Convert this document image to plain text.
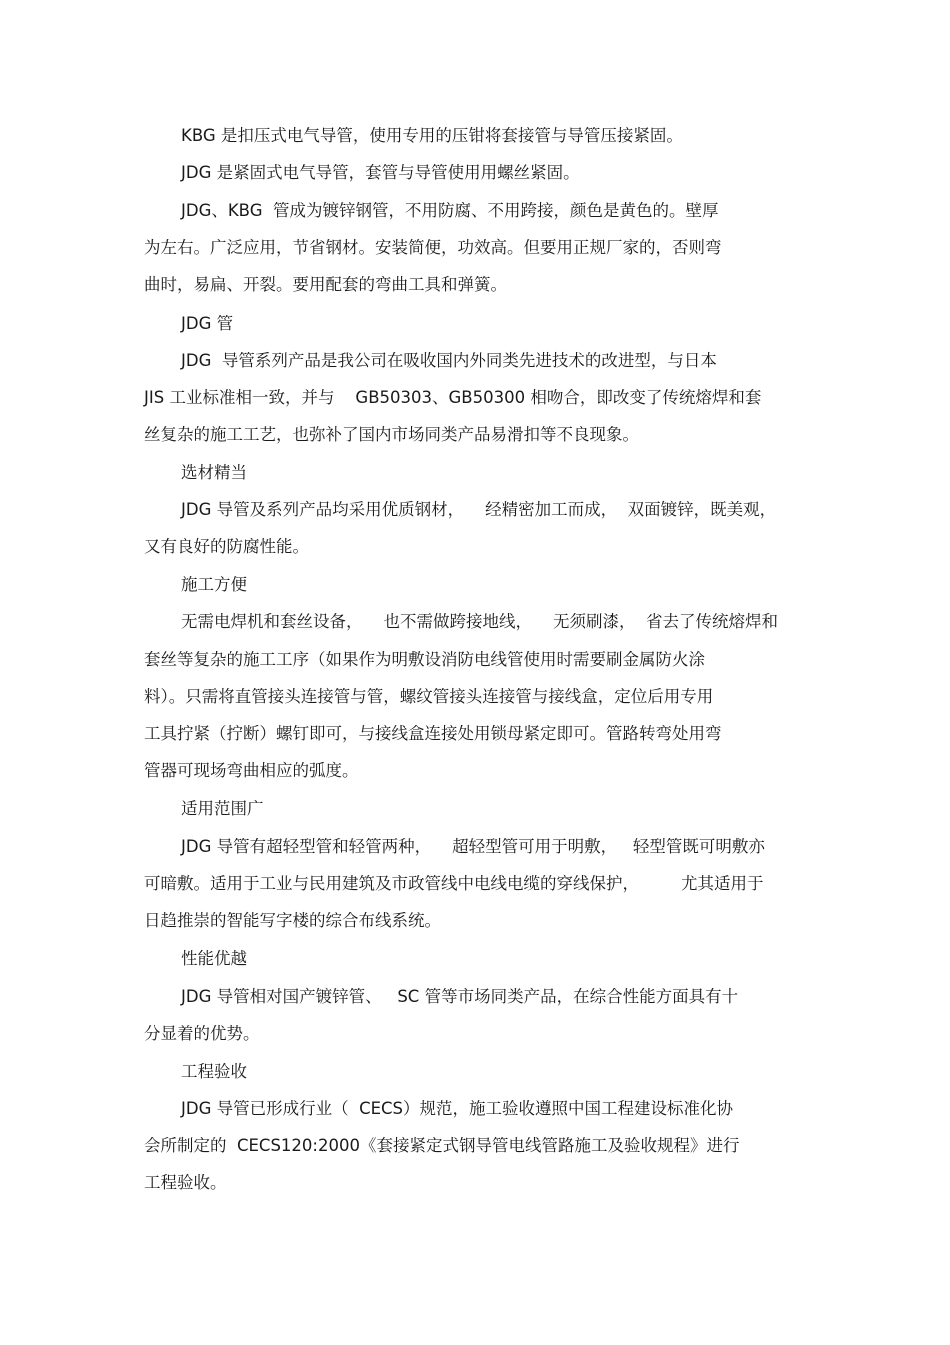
KBG 是扣压式电气导管，使用专用的压钳将套接管与导管压接紧固。
JDG 是紧固式电气导管，套管与导管使用用螺丝紧固。
JDG、KBG  管成为镀锌钢管，不用防腐、不用跨接，颜色是黄色的。壁厚
为左右。广泛应用，节省钢材。安装简便，功效高。但要用正规厂家的，否则弯
曲时，易扁、开裂。要用配套的弯曲工具和弹簧。
JDG 管
JDG  导管系列产品是我公司在吸收国内外同类先进技术的改进型，与日本
JIS 工业标准相一致，并与    GB50303、GB50300 相吻合，即改变了传统熔焊和套
丝复杂的施工工艺，也弥补了国内市场同类产品易滑扣等不良现象。
选材精当
JDG 导管及系列产品均采用优质钢材，    经精密加工而成，  双面镀锌，既美观，
又有良好的防腐性能。
施工方便
无需电焊机和套丝设备，    也不需做跨接地线，    无须刷漆，  省去了传统熔焊和
套丝等复杂的施工工序（如果作为明敷设消防电线管使用时需要刷金属防火涂
料）。只需将直管接头连接管与管，螺纹管接头连接管与接线盒，定位后用专用
工具拧紧（拧断）螺钉即可，与接线盒连接处用锁母紧定即可。管路转弯处用弯
管器可现场弯曲相应的弧度。
适用范围广
JDG 导管有超轻型管和轻管两种，    超轻型管可用于明敷，   轻型管既可明敷亦
可暗敷。适用于工业与民用建筑及市政管线中电线电缆的穿线保护，        尤其适用于
日趋推崇的智能写字楼的综合布线系统。
性能优越
JDG 导管相对国产镀锌管、   SC 管等市场同类产品，在综合性能方面具有十
分显着的优势。
工程验收
JDG 导管已形成行业（  CECS）规范，施工验收遵照中国工程建设标准化协
会所制定的  CECS120:2000《套接紧定式钢导管电线管路施工及验收规程》进行
工程验收。
